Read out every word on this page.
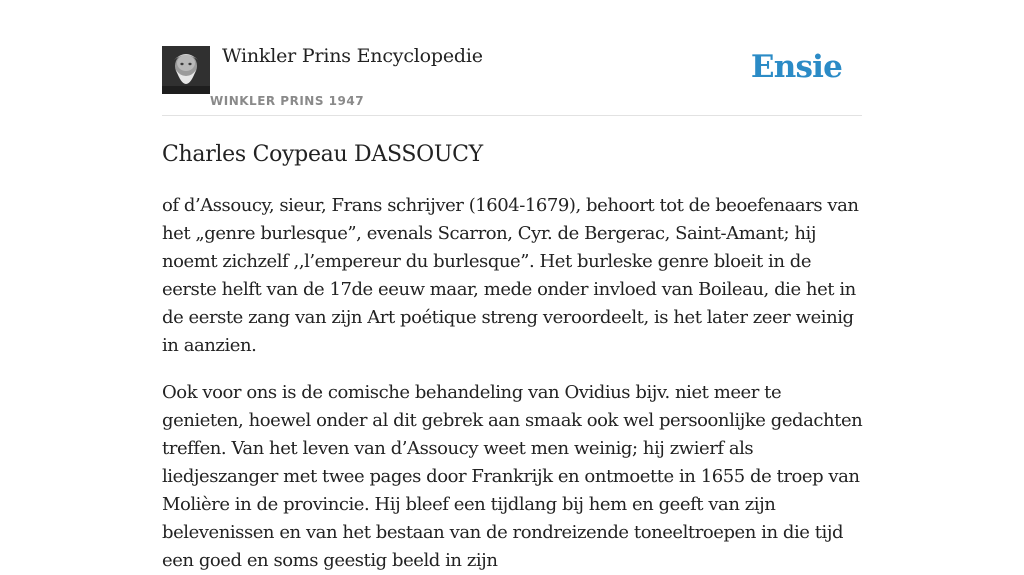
Winkler Prins Encyclopedie
WINKLER PRINS 1947
Ensie
Charles Coypeau DASSOUCY

of d’Assoucy, sieur, Frans schrijver (1604-1679), behoort tot de beoefenaars van het „genre burlesque”, evenals Scarron, Cyr. de Bergerac, Saint-Amant; hij noemt zichzelf ,,l’empereur du burlesque”. Het burleske genre bloeit in de eerste helft van de 17de eeuw maar, mede onder invloed van Boileau, die het in de eerste zang van zijn Art poétique streng veroordeelt, is het later zeer weinig in aanzien.

Ook voor ons is de comische behandeling van Ovidius bijv. niet meer te genieten, hoewel onder al dit gebrek aan smaak ook wel persoonlijke gedachten treffen. Van het leven van d’Assoucy weet men weinig; hij zwierf als liedjeszanger met twee pages door Frankrijk en ontmoette in 1655 de troep van Molière in de provincie. Hij bleef een tijdlang bij hem en geeft van zijn belevenissen en van het bestaan van de rondreizende toneeltroepen in die tijd een goed en soms geestig beeld in zijn
